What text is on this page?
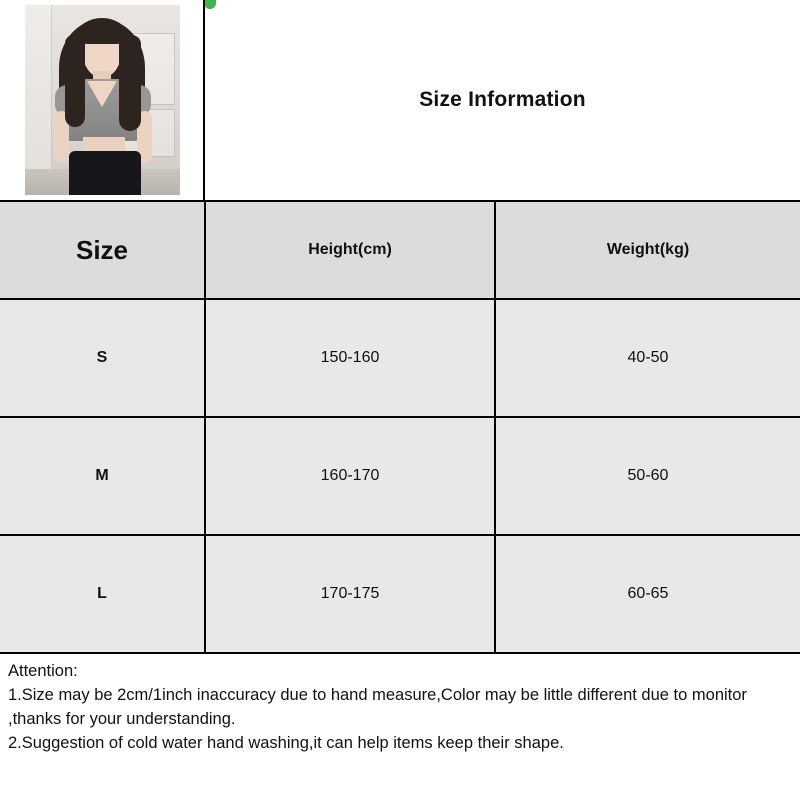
Size Information
Size	Height(cm)	Weight(kg)
S	150-160	40-50
M	160-170	50-60
L	170-175	60-65
Attention:
1.Size may be 2cm/1inch inaccuracy due to hand measure,Color may be little different due to monitor ,thanks for your understanding.
2.Suggestion of cold water hand washing,it can help items keep their shape.
